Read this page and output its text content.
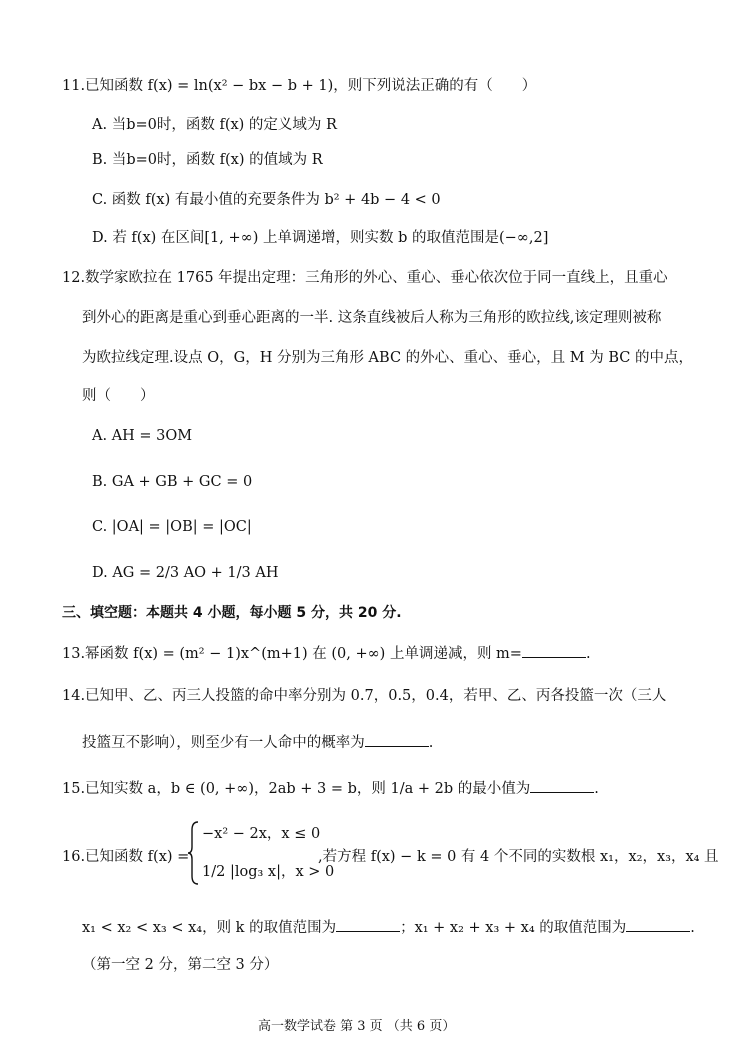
11.已知函数 f(x) = ln(x² − bx − b + 1)，则下列说法正确的有（　　）
A. 当b=0时，函数 f(x) 的定义域为 R
B. 当b=0时，函数 f(x) 的值域为 R
C. 函数 f(x) 有最小值的充要条件为 b² + 4b − 4 < 0
D. 若 f(x) 在区间[1, +∞) 上单调递增，则实数 b 的取值范围是(−∞,2]
12.数学家欧拉在 1765 年提出定理：三角形的外心、重心、垂心依次位于同一直线上，且重心
到外心的距离是重心到垂心距离的一半. 这条直线被后人称为三角形的欧拉线,该定理则被称
为欧拉线定理.设点 O，G，H 分别为三角形 ABC 的外心、重心、垂心，且 M 为 BC 的中点，
则（　　）
A. AH = 3OM
B. GA + GB + GC = 0
C. |OA| = |OB| = |OC|
D. AG = 2/3 AO + 1/3 AH
三、填空题：本题共 4 小题，每小题 5 分，共 20 分.
13.幂函数 f(x) = (m² − 1)x^(m+1) 在 (0, +∞) 上单调递减，则 m=	.
14.已知甲、乙、丙三人投篮的命中率分别为 0.7，0.5，0.4，若甲、乙、丙各投篮一次（三人
投篮互不影响），则至少有一人命中的概率为	.
15.已知实数 a，b ∈ (0, +∞)，2ab + 3 = b，则 1/a + 2b 的最小值为	.
16.已知函数 f(x) =
−x² − 2x，x ≤ 0
1/2 |log₃ x|，x > 0
,若方程 f(x) − k = 0 有 4 个不同的实数根 x₁，x₂，x₃，x₄ 且
x₁ < x₂ < x₃ < x₄，则 k 的取值范围为	；x₁ + x₂ + x₃ + x₄ 的取值范围为	.
（第一空 2 分，第二空 3 分）
高一数学试卷 第 3 页 （共 6 页）
